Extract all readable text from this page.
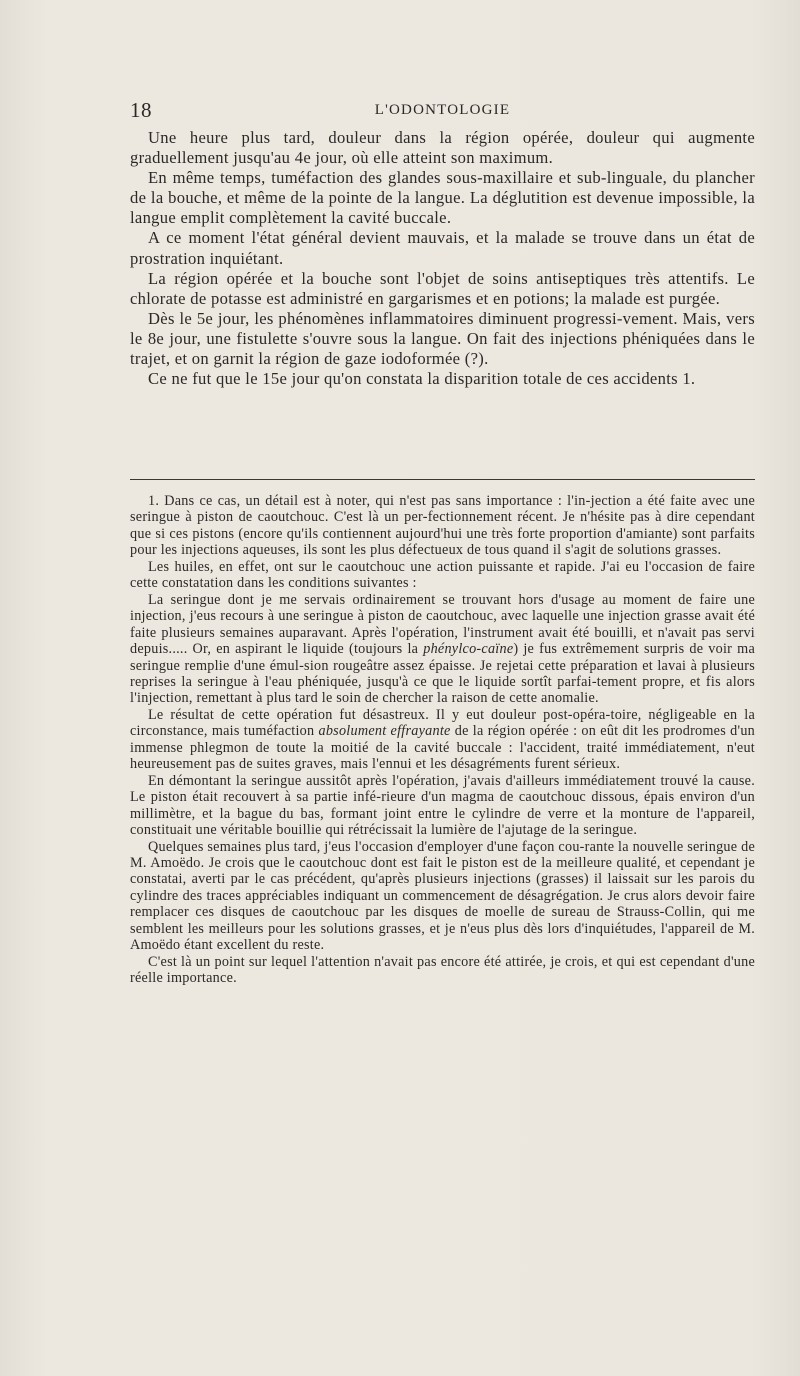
18	L'ODONTOLOGIE

Une heure plus tard, douleur dans la région opérée, douleur qui augmente graduellement jusqu'au 4e jour, où elle atteint son maximum.

En même temps, tuméfaction des glandes sous-maxillaire et sub-linguale, du plancher de la bouche, et même de la pointe de la langue. La déglutition est devenue impossible, la langue emplit complètement la cavité buccale.

A ce moment l'état général devient mauvais, et la malade se trouve dans un état de prostration inquiétant.

La région opérée et la bouche sont l'objet de soins antiseptiques très attentifs. Le chlorate de potasse est administré en gargarismes et en potions; la malade est purgée.

Dès le 5e jour, les phénomènes inflammatoires diminuent progressi-vement. Mais, vers le 8e jour, une fistulette s'ouvre sous la langue. On fait des injections phéniquées dans le trajet, et on garnit la région de gaze iodoformée (?).

Ce ne fut que le 15e jour qu'on constata la disparition totale de ces accidents 1.

1. Dans ce cas, un détail est à noter, qui n'est pas sans importance : l'in-jection a été faite avec une seringue à piston de caoutchouc. C'est là un per-fectionnement récent. Je n'hésite pas à dire cependant que si ces pistons (encore qu'ils contiennent aujourd'hui une très forte proportion d'amiante) sont parfaits pour les injections aqueuses, ils sont les plus défectueux de tous quand il s'agit de solutions grasses.

Les huiles, en effet, ont sur le caoutchouc une action puissante et rapide. J'ai eu l'occasion de faire cette constatation dans les conditions suivantes :

La seringue dont je me servais ordinairement se trouvant hors d'usage au moment de faire une injection, j'eus recours à une seringue à piston de caoutchouc, avec laquelle une injection grasse avait été faite plusieurs semaines auparavant. Après l'opération, l'instrument avait été bouilli, et n'avait pas servi depuis..... Or, en aspirant le liquide (toujours la phénylco-caïne) je fus extrêmement surpris de voir ma seringue remplie d'une émul-sion rougeâtre assez épaisse. Je rejetai cette préparation et lavai à plusieurs reprises la seringue à l'eau phéniquée, jusqu'à ce que le liquide sortît parfai-tement propre, et fis alors l'injection, remettant à plus tard le soin de chercher la raison de cette anomalie.

Le résultat de cette opération fut désastreux. Il y eut douleur post-opéra-toire, négligeable en la circonstance, mais tuméfaction absolument effrayante de la région opérée : on eût dit les prodromes d'un immense phlegmon de toute la moitié de la cavité buccale : l'accident, traité immédiatement, n'eut heureusement pas de suites graves, mais l'ennui et les désagréments furent sérieux.

En démontant la seringue aussitôt après l'opération, j'avais d'ailleurs immédiatement trouvé la cause. Le piston était recouvert à sa partie infé-rieure d'un magma de caoutchouc dissous, épais environ d'un millimètre, et la bague du bas, formant joint entre le cylindre de verre et la monture de l'appareil, constituait une véritable bouillie qui rétrécissait la lumière de l'ajutage de la seringue.

Quelques semaines plus tard, j'eus l'occasion d'employer d'une façon cou-rante la nouvelle seringue de M. Amoëdo. Je crois que le caoutchouc dont est fait le piston est de la meilleure qualité, et cependant je constatai, averti par le cas précédent, qu'après plusieurs injections (grasses) il laissait sur les parois du cylindre des traces appréciables indiquant un commencement de désagrégation. Je crus alors devoir faire remplacer ces disques de caoutchouc par les disques de moelle de sureau de Strauss-Collin, qui me semblent les meilleurs pour les solutions grasses, et je n'eus plus dès lors d'inquiétudes, l'appareil de M. Amoëdo étant excellent du reste.

C'est là un point sur lequel l'attention n'avait pas encore été attirée, je crois, et qui est cependant d'une réelle importance.
